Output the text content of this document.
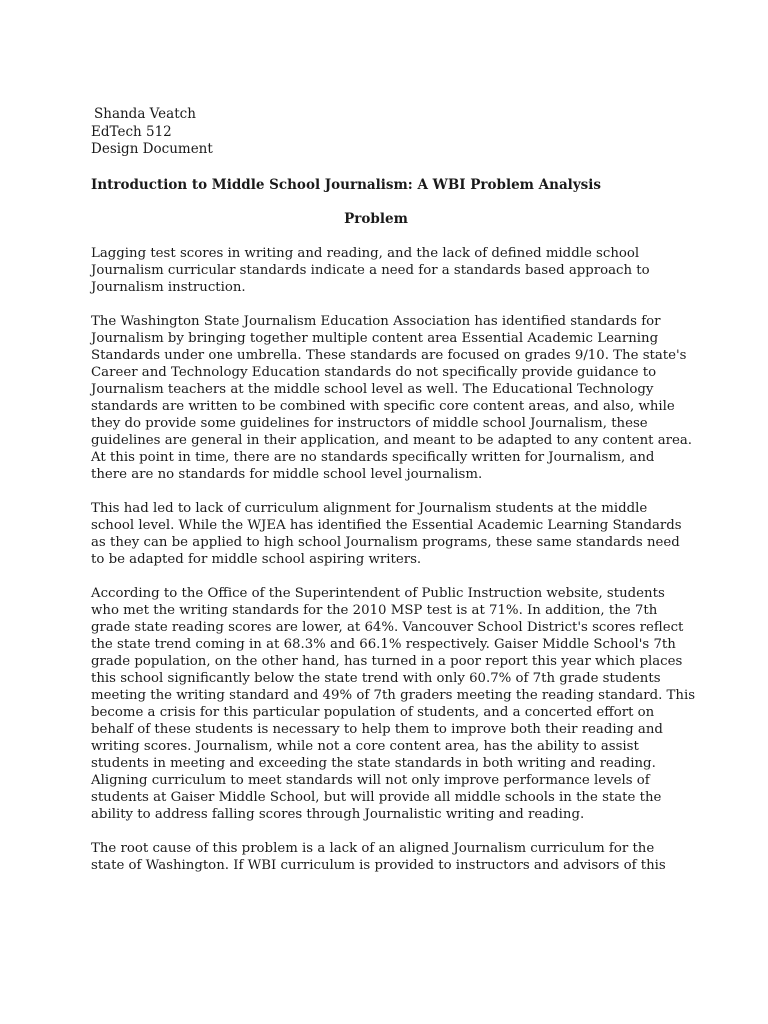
Shanda Veatch
EdTech 512
Design Document
Introduction to Middle School Journalism: A WBI Problem Analysis
Problem

Lagging test scores in writing and reading, and the lack of defined middle school
Journalism curricular standards indicate a need for a standards based approach to
Journalism instruction.

The Washington State Journalism Education Association has identified standards for
Journalism by bringing together multiple content area Essential Academic Learning
Standards under one umbrella. These standards are focused on grades 9/10. The state's
Career and Technology Education standards do not specifically provide guidance to
Journalism teachers at the middle school level as well. The Educational Technology
standards are written to be combined with specific core content areas, and also, while
they do provide some guidelines for instructors of middle school Journalism, these
guidelines are general in their application, and meant to be adapted to any content area.
At this point in time, there are no standards specifically written for Journalism, and
there are no standards for middle school level journalism.

This had led to lack of curriculum alignment for Journalism students at the middle
school level. While the WJEA has identified the Essential Academic Learning Standards
as they can be applied to high school Journalism programs, these same standards need
to be adapted for middle school aspiring writers.

According to the Office of the Superintendent of Public Instruction website, students
who met the writing standards for the 2010 MSP test is at 71%. In addition, the 7th
grade state reading scores are lower, at 64%. Vancouver School District's scores reflect
the state trend coming in at 68.3% and 66.1% respectively. Gaiser Middle School's 7th
grade population, on the other hand, has turned in a poor report this year which places
this school significantly below the state trend with only 60.7% of 7th grade students
meeting the writing standard and 49% of 7th graders meeting the reading standard. This
become a crisis for this particular population of students, and a concerted effort on
behalf of these students is necessary to help them to improve both their reading and
writing scores. Journalism, while not a core content area, has the ability to assist
students in meeting and exceeding the state standards in both writing and reading.
Aligning curriculum to meet standards will not only improve performance levels of
students at Gaiser Middle School, but will provide all middle schools in the state the
ability to address falling scores through Journalistic writing and reading.

The root cause of this problem is a lack of an aligned Journalism curriculum for the
state of Washington. If WBI curriculum is provided to instructors and advisors of this
